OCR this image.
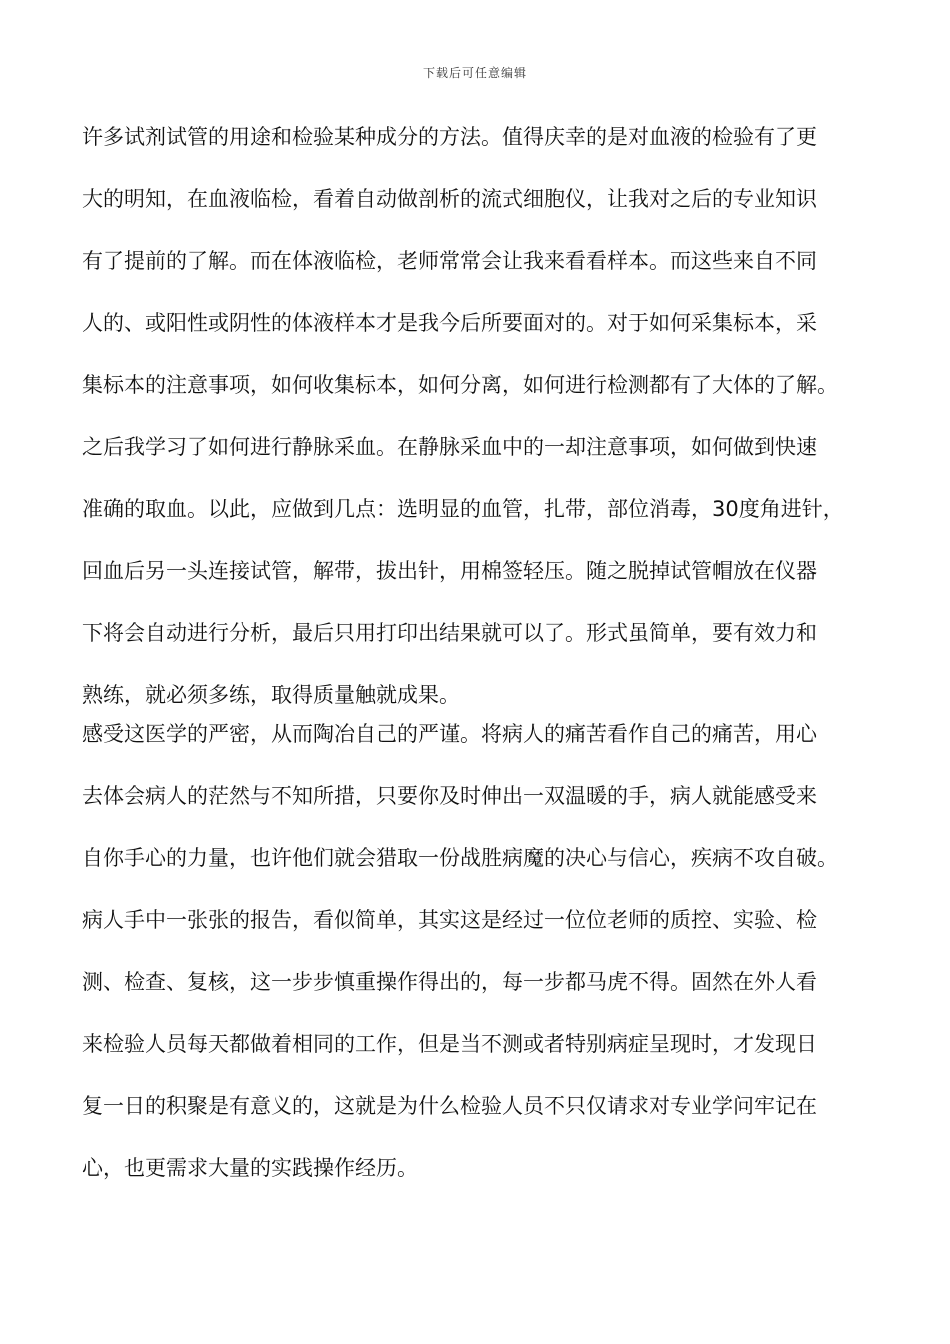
下载后可任意编辑
许多试剂试管的用途和检验某种成分的方法。值得庆幸的是对血液的检验有了更
大的明知，在血液临检，看着自动做剖析的流式细胞仪，让我对之后的专业知识
有了提前的了解。而在体液临检，老师常常会让我来看看样本。而这些来自不同
人的、或阳性或阴性的体液样本才是我今后所要面对的。对于如何采集标本，采
集标本的注意事项，如何收集标本，如何分离，如何进行检测都有了大体的了解。
之后我学习了如何进行静脉采血。在静脉采血中的一却注意事项，如何做到快速
准确的取血。以此，应做到几点：选明显的血管，扎带，部位消毒，30度角进针，
回血后另一头连接试管，解带，拔出针，用棉签轻压。随之脱掉试管帽放在仪器
下将会自动进行分析，最后只用打印出结果就可以了。形式虽简单，要有效力和
熟练，就必须多练，取得质量触就成果。
感受这医学的严密，从而陶冶自己的严谨。将病人的痛苦看作自己的痛苦，用心
去体会病人的茫然与不知所措，只要你及时伸出一双温暖的手，病人就能感受来
自你手心的力量，也许他们就会猎取一份战胜病魔的决心与信心，疾病不攻自破。
病人手中一张张的报告，看似简单，其实这是经过一位位老师的质控、实验、检
测、检查、复核，这一步步慎重操作得出的，每一步都马虎不得。固然在外人看
来检验人员每天都做着相同的工作，但是当不测或者特别病症呈现时，才发现日
复一日的积聚是有意义的，这就是为什么检验人员不只仅请求对专业学问牢记在
心，也更需求大量的实践操作经历。
